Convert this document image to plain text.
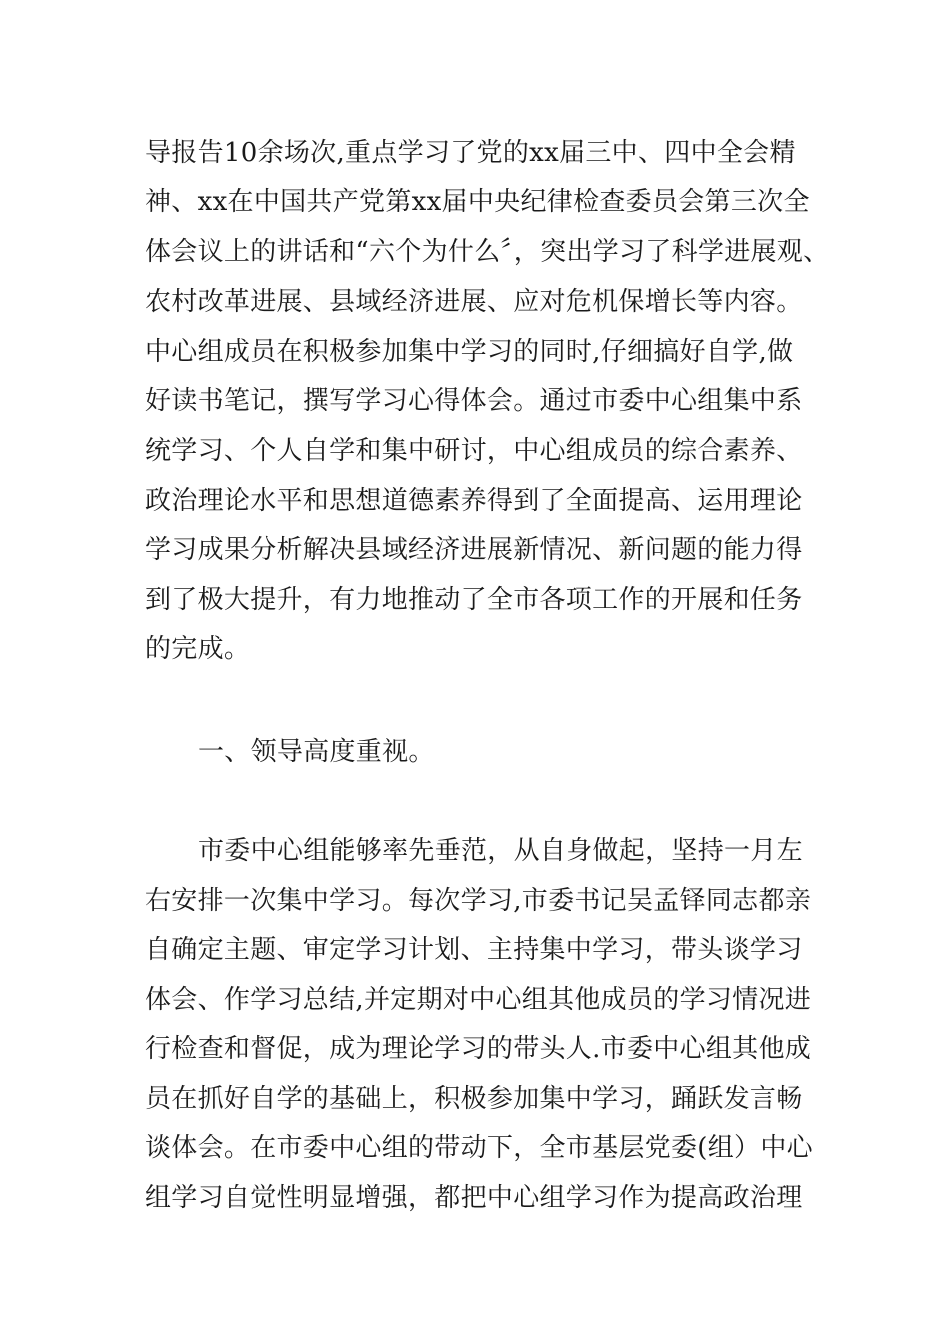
导报告10余场次,重点学习了党的xx届三中、四中全会精
神、xx在中国共产党第xx届中央纪律检查委员会第三次全
体会议上的讲话和“六个为什么〞，突出学习了科学进展观、
农村改革进展、县域经济进展、应对危机保增长等内容。
中心组成员在积极参加集中学习的同时,仔细搞好自学,做
好读书笔记，撰写学习心得体会。通过市委中心组集中系
统学习、个人自学和集中研讨，中心组成员的综合素养、
政治理论水平和思想道德素养得到了全面提高、运用理论
学习成果分析解决县域经济进展新情况、新问题的能力得
到了极大提升，有力地推动了全市各项工作的开展和任务
的完成。
一、领导高度重视。
市委中心组能够率先垂范，从自身做起，坚持一月左
右安排一次集中学习。每次学习,市委书记吴孟铎同志都亲
自确定主题、审定学习计划、主持集中学习，带头谈学习
体会、作学习总结,并定期对中心组其他成员的学习情况进
行检查和督促，成为理论学习的带头人.市委中心组其他成
员在抓好自学的基础上，积极参加集中学习，踊跃发言畅
谈体会。在市委中心组的带动下，全市基层党委(组）中心
组学习自觉性明显增强，都把中心组学习作为提高政治理
